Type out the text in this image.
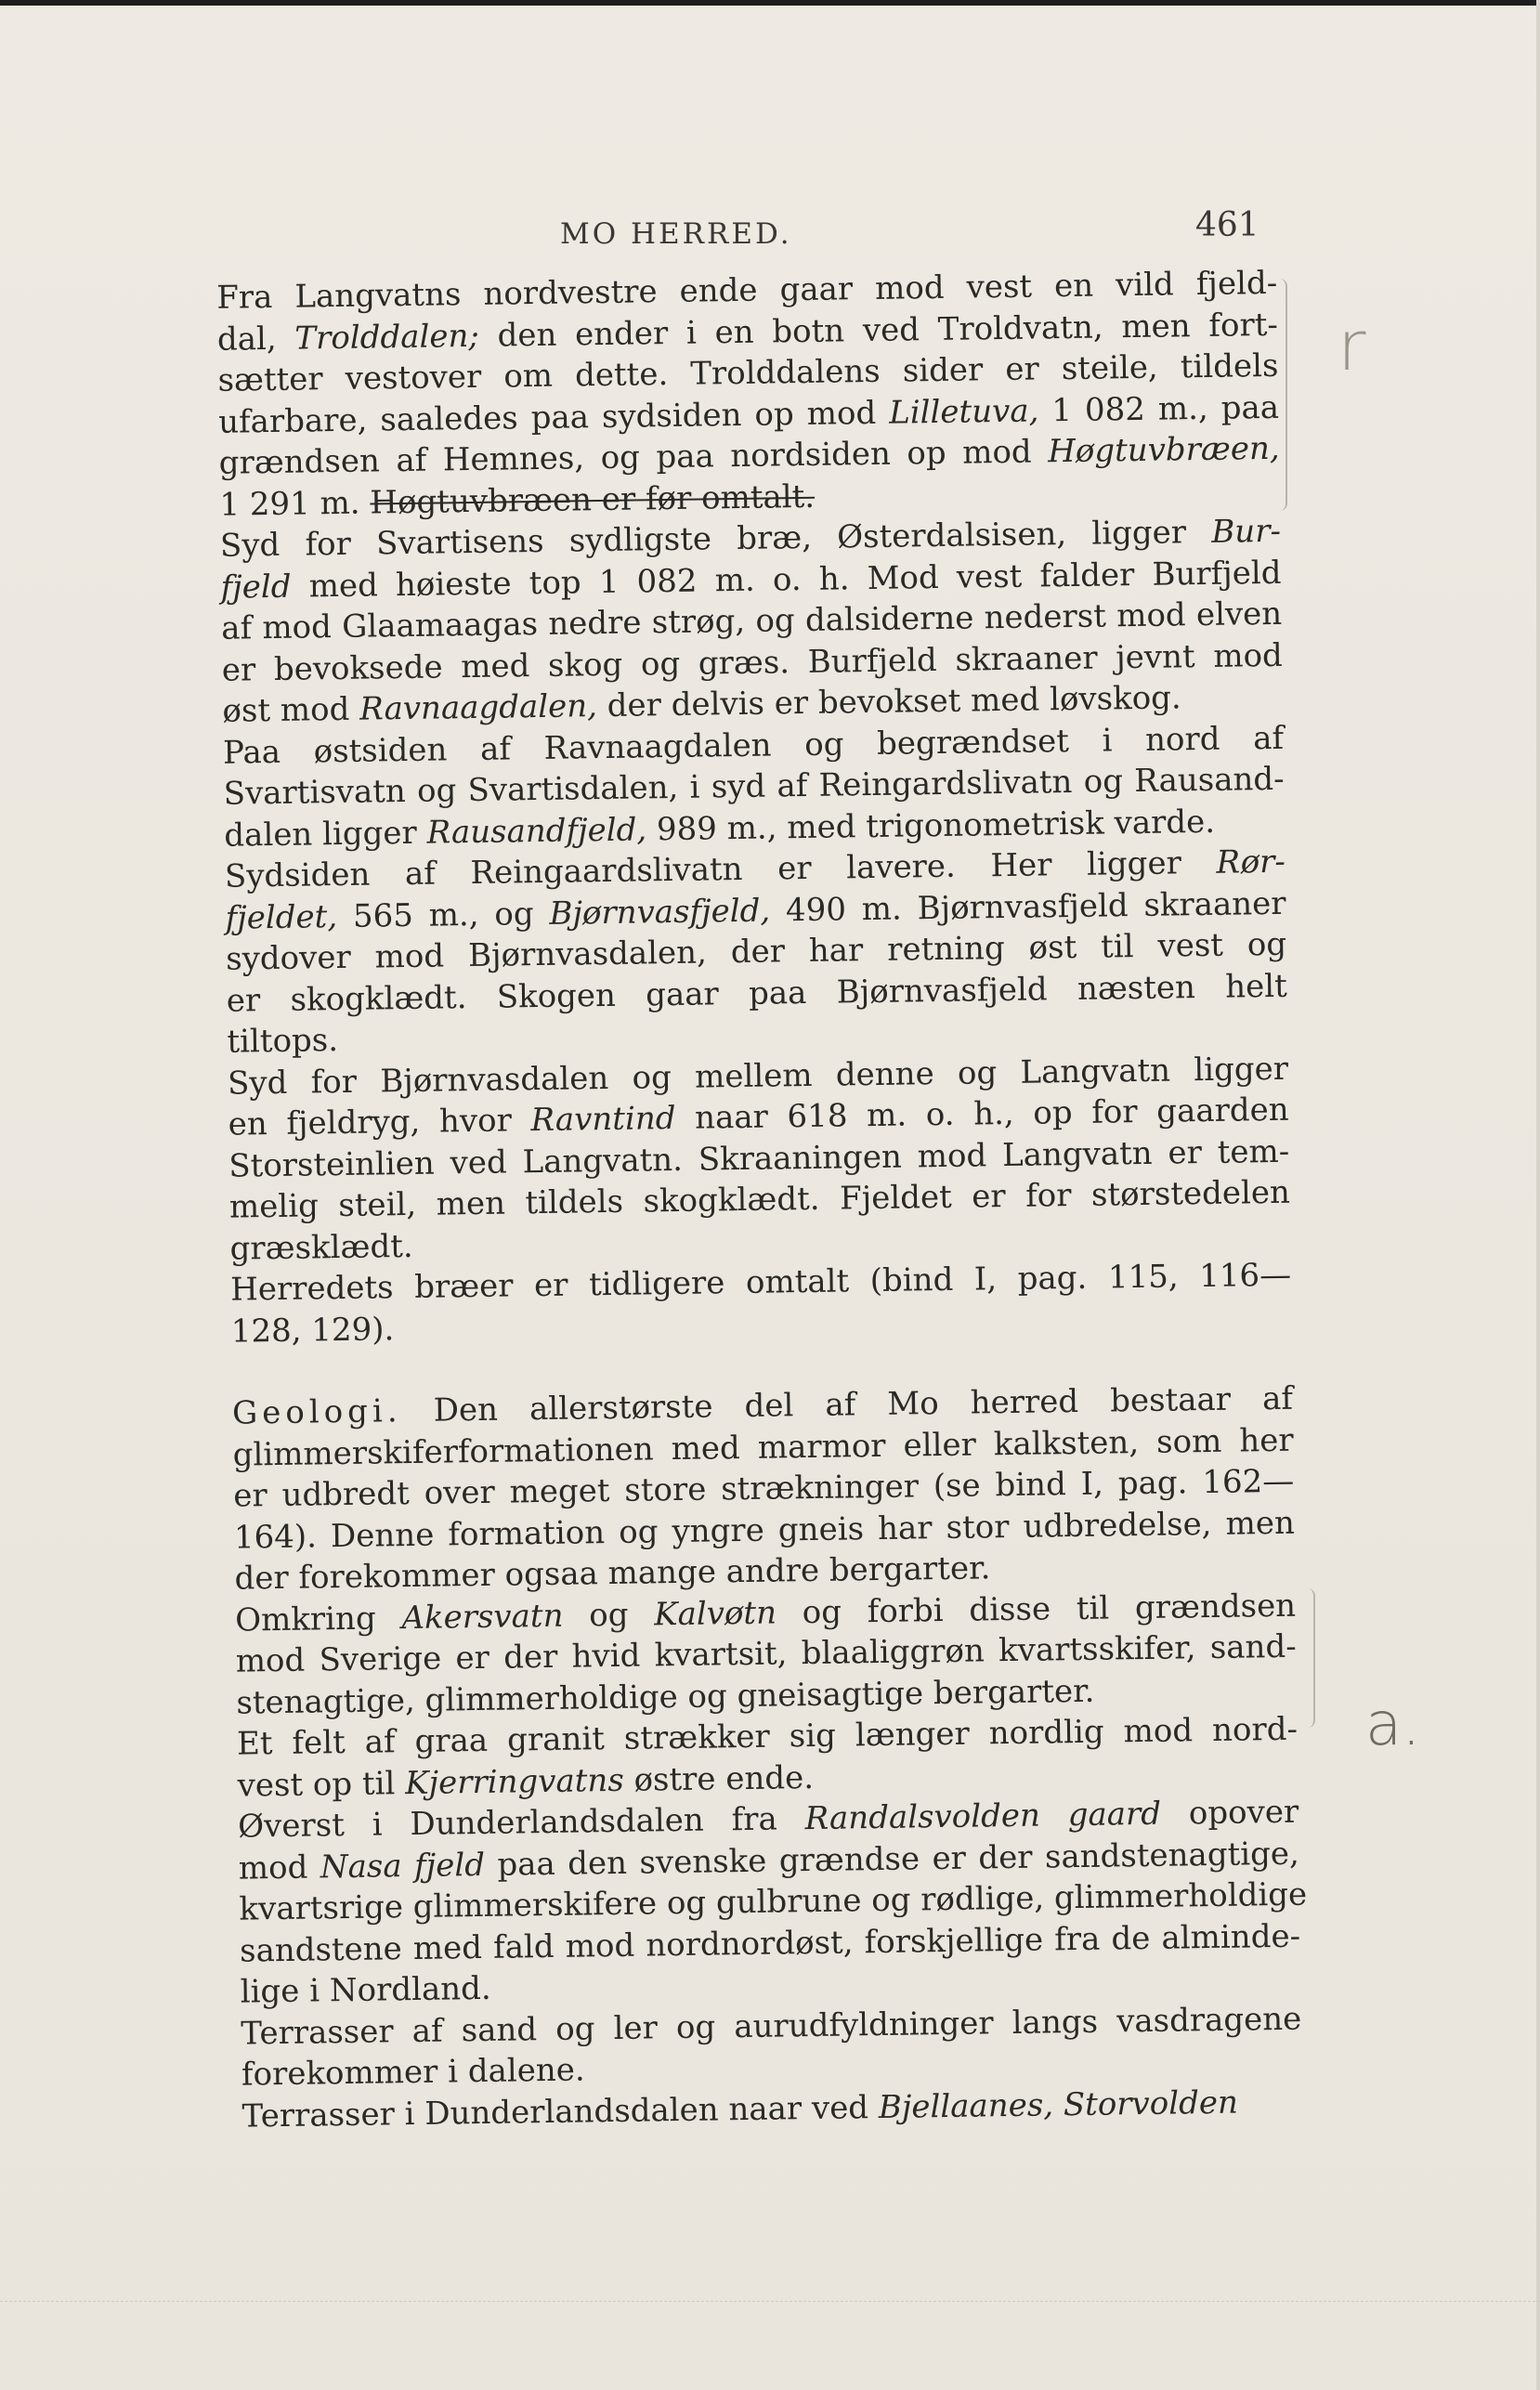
MO HERRED.	461

Fra Langvatns nordvestre ende gaar mod vest en vild fjeld-
dal, Trolddalen; den ender i en botn ved Troldvatn, men fort-
sætter vestover om dette. Trolddalens sider er steile, tildels
ufarbare, saaledes paa sydsiden op mod Lilletuva, 1 082 m., paa
grændsen af Hemnes, og paa nordsiden op mod Høgtuvbræen,
1 291 m. Høgtuvbræen er før omtalt.

Syd for Svartisens sydligste bræ, Østerdalsisen, ligger Bur-
fjeld med høieste top 1 082 m. o. h. Mod vest falder Burfjeld
af mod Glaamaagas nedre strøg, og dalsiderne nederst mod elven
er bevoksede med skog og græs. Burfjeld skraaner jevnt mod
øst mod Ravnaagdalen, der delvis er bevokset med løvskog.

Paa østsiden af Ravnaagdalen og begrændset i nord af
Svartisvatn og Svartisdalen, i syd af Reingardslivatn og Rausand-
dalen ligger Rausandfjeld, 989 m., med trigonometrisk varde.

Sydsiden af Reingaardslivatn er lavere. Her ligger Rør-
fjeldet, 565 m., og Bjørnvasfjeld, 490 m. Bjørnvasfjeld skraaner
sydover mod Bjørnvasdalen, der har retning øst til vest og
er skogklædt. Skogen gaar paa Bjørnvasfjeld næsten helt
tiltops.

Syd for Bjørnvasdalen og mellem denne og Langvatn ligger
en fjeldryg, hvor Ravntind naar 618 m. o. h., op for gaarden
Storsteinlien ved Langvatn. Skraaningen mod Langvatn er tem-
melig steil, men tildels skogklædt. Fjeldet er for størstedelen
græsklædt.

Herredets bræer er tidligere omtalt (bind I, pag. 115, 116—
128, 129).

Geologi. Den allerstørste del af Mo herred bestaar af
glimmerskiferformationen med marmor eller kalksten, som her
er udbredt over meget store strækninger (se bind I, pag. 162—
164). Denne formation og yngre gneis har stor udbredelse, men
der forekommer ogsaa mange andre bergarter.

Omkring Akersvatn og Kalvøtn og forbi disse til grændsen
mod Sverige er der hvid kvartsit, blaaliggrøn kvartsskifer, sand-
stenagtige, glimmerholdige og gneisagtige bergarter.

Et felt af graa granit strækker sig længer nordlig mod nord-
vest op til Kjerringvatns østre ende.

Øverst i Dunderlandsdalen fra Randalsvolden gaard opover
mod Nasa fjeld paa den svenske grændse er der sandstenagtige,
kvartsrige glimmerskifere og gulbrune og rødlige, glimmerholdige
sandstene med fald mod nordnordøst, forskjellige fra de alminde-
lige i Nordland.

Terrasser af sand og ler og aurudfyldninger langs vasdragene
forekommer i dalene.

Terrasser i Dunderlandsdalen naar ved Bjellaanes, Storvolden

r
a.
